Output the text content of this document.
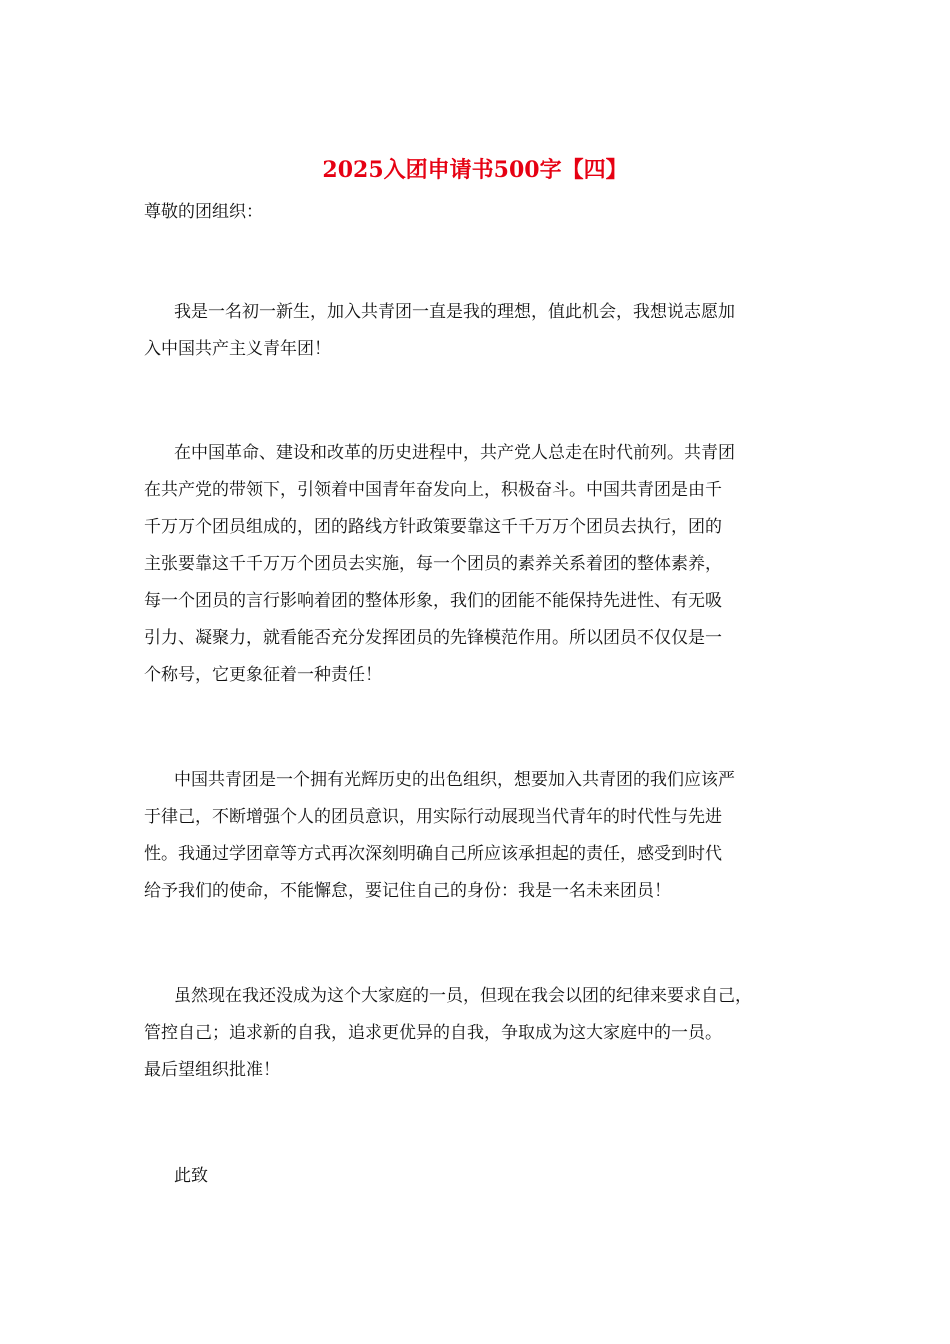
2025入团申请书500字【四】
尊敬的团组织：
我是一名初一新生，加入共青团一直是我的理想，值此机会，我想说志愿加
入中国共产主义青年团！
在中国革命、建设和改革的历史进程中，共产党人总走在时代前列。共青团
在共产党的带领下，引领着中国青年奋发向上，积极奋斗。中国共青团是由千
千万万个团员组成的，团的路线方针政策要靠这千千万万个团员去执行，团的
主张要靠这千千万万个团员去实施，每一个团员的素养关系着团的整体素养，
每一个团员的言行影响着团的整体形象，我们的团能不能保持先进性、有无吸
引力、凝聚力，就看能否充分发挥团员的先锋模范作用。所以团员不仅仅是一
个称号，它更象征着一种责任！
中国共青团是一个拥有光辉历史的出色组织，想要加入共青团的我们应该严
于律己，不断增强个人的团员意识，用实际行动展现当代青年的时代性与先进
性。我通过学团章等方式再次深刻明确自己所应该承担起的责任，感受到时代
给予我们的使命，不能懈怠，要记住自己的身份：我是一名未来团员！
虽然现在我还没成为这个大家庭的一员，但现在我会以团的纪律来要求自己，
管控自己；追求新的自我，追求更优异的自我，争取成为这大家庭中的一员。
最后望组织批准！
此致
